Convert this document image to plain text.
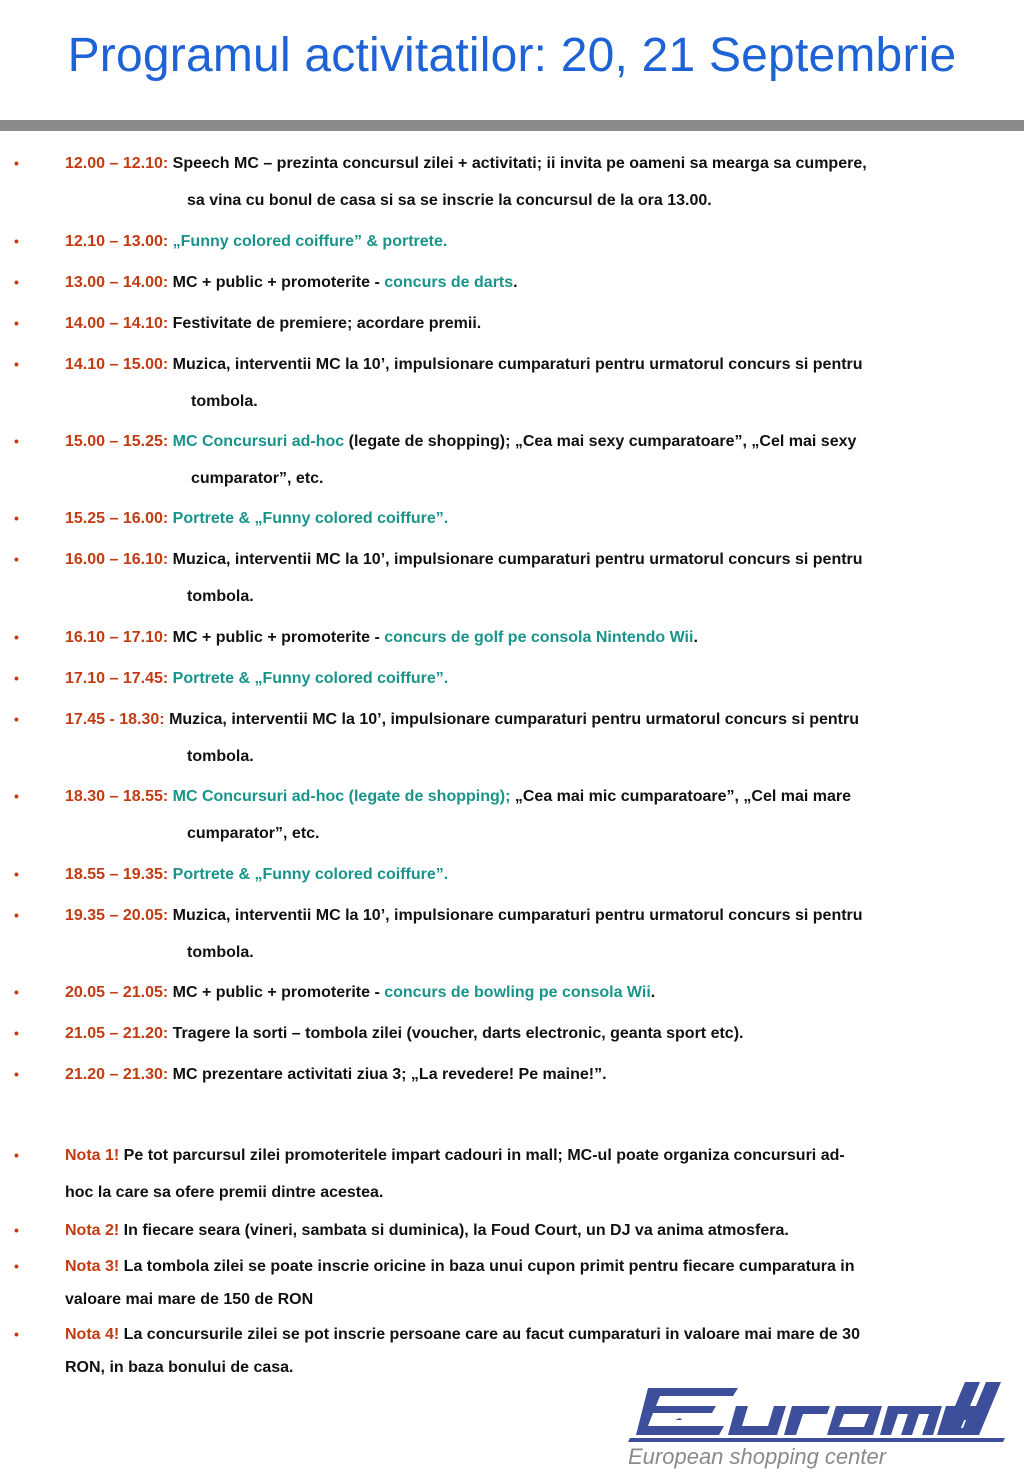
Programul activitatilor: 20, 21 Septembrie
•	12.00 – 12.10: Speech MC – prezinta concursul zilei + activitati; ii invita pe oameni sa mearga sa cumpere,
sa vina cu bonul de casa si sa se inscrie la concursul de la ora 13.00.
•	12.10 – 13.00: „Funny colored coiffure” & portrete.
•	13.00 – 14.00: MC + public + promoterite - concurs de darts.
•	14.00 – 14.10: Festivitate de premiere; acordare premii.
•	14.10 – 15.00: Muzica, interventii MC la 10’, impulsionare cumparaturi pentru urmatorul concurs si pentru
tombola.
•	15.00 – 15.25: MC Concursuri ad-hoc (legate de shopping); „Cea mai sexy cumparatoare”, „Cel mai sexy
cumparator”, etc.
•	15.25 – 16.00: Portrete & „Funny colored coiffure”.
•	16.00 – 16.10: Muzica, interventii MC la 10’, impulsionare cumparaturi pentru urmatorul concurs si pentru
tombola.
•	16.10 – 17.10: MC + public + promoterite - concurs de golf pe consola Nintendo Wii.
•	17.10 – 17.45: Portrete & „Funny colored coiffure”.
•	17.45 - 18.30: Muzica, interventii MC la 10’, impulsionare cumparaturi pentru urmatorul concurs si pentru
tombola.
•	18.30 – 18.55: MC Concursuri ad-hoc (legate de shopping); „Cea mai mic cumparatoare”, „Cel mai mare
cumparator”, etc.
•	18.55 – 19.35: Portrete & „Funny colored coiffure”.
•	19.35 – 20.05: Muzica, interventii MC la 10’, impulsionare cumparaturi pentru urmatorul concurs si pentru
tombola.
•	20.05 – 21.05: MC + public + promoterite - concurs de bowling pe consola Wii.
•	21.05 – 21.20: Tragere la sorti – tombola zilei (voucher, darts electronic, geanta sport etc).
•	21.20 – 21.30: MC prezentare activitati ziua 3; „La revedere! Pe maine!”.
•	Nota 1! Pe tot parcursul zilei promoteritele impart cadouri in mall; MC-ul poate organiza concursuri ad-
hoc la care sa ofere premii dintre acestea.
•	Nota 2! In fiecare seara (vineri, sambata si duminica), la Foud Court, un DJ va anima atmosfera.
•	Nota 3! La tombola zilei se poate inscrie oricine in baza unui cupon primit pentru fiecare cumparatura in
valoare mai mare de 150 de RON
•	Nota 4! La concursurile zilei se pot inscrie persoane care au facut cumparaturi in valoare mai mare de 30
RON, in baza bonului de casa.
European shopping center
